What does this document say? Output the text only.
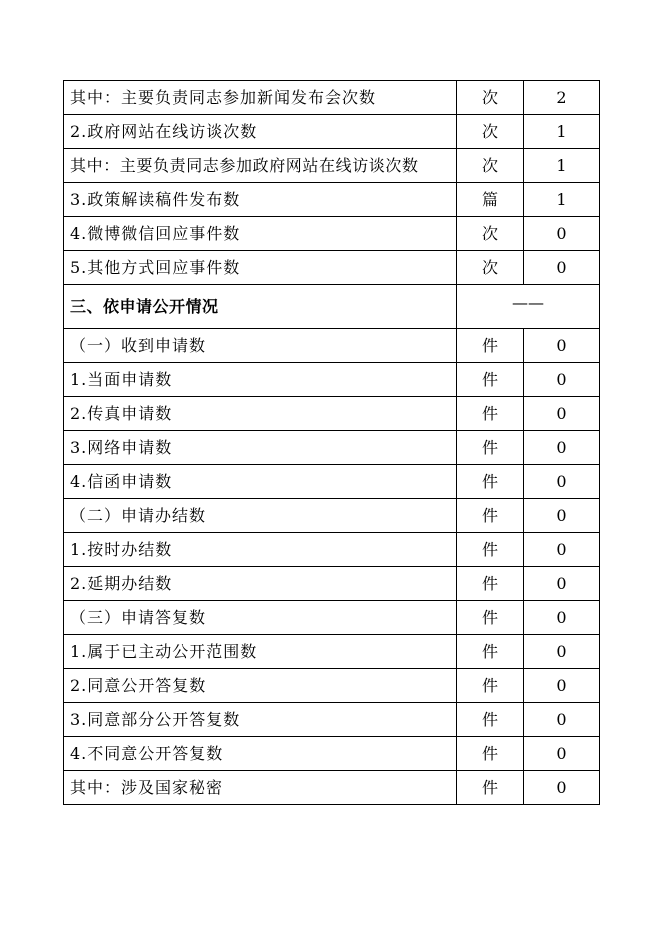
其中：主要负责同志参加新闻发布会次数	次	2
2.政府网站在线访谈次数	次	1
其中：主要负责同志参加政府网站在线访谈次数	次	1
3.政策解读稿件发布数	篇	1
4.微博微信回应事件数	次	0
5.其他方式回应事件数	次	0
三、依申请公开情况	——	
（一）收到申请数	件	0
1.当面申请数	件	0
2.传真申请数	件	0
3.网络申请数	件	0
4.信函申请数	件	0
（二）申请办结数	件	0
1.按时办结数	件	0
2.延期办结数	件	0
（三）申请答复数	件	0
1.属于已主动公开范围数	件	0
2.同意公开答复数	件	0
3.同意部分公开答复数	件	0
4.不同意公开答复数	件	0
其中：涉及国家秘密	件	0
